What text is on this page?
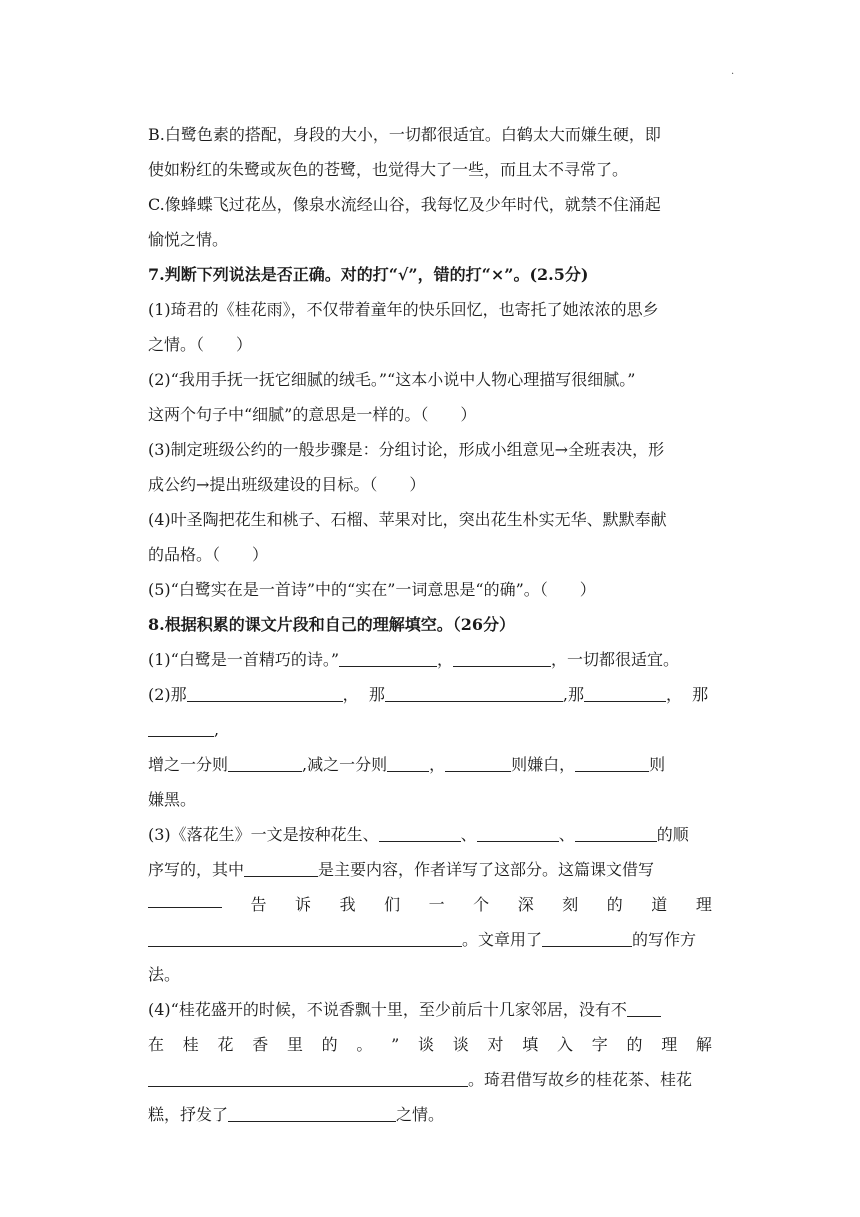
.
B.白鹭色素的搭配，身段的大小，一切都很适宜。白鹤太大而嫌生硬，即
使如粉红的朱鹭或灰色的苍鹭，也觉得大了一些，而且太不寻常了。
C.像蜂蝶飞过花丛，像泉水流经山谷，我每忆及少年时代，就禁不住涌起
愉悦之情。
7.判断下列说法是否正确。对的打“√”，错的打“×”。(2.5分)
(1)琦君的《桂花雨》，不仅带着童年的快乐回忆，也寄托了她浓浓的思乡
之情。（　　）
(2)“我用手抚一抚它细腻的绒毛。”“这本小说中人物心理描写很细腻。”
这两个句子中“细腻”的意思是一样的。（　　）
(3)制定班级公约的一般步骤是：分组讨论，形成小组意见→全班表决，形
成公约→提出班级建设的目标。（　　）
(4)叶圣陶把花生和桃子、石榴、苹果对比，突出花生朴实无华、默默奉献
的品格。（　　）
(5)“白鹭实在是一首诗”中的“实在”一词意思是“的确”。（　　）
8.根据积累的课文片段和自己的理解填空。（26分）
(1)“白鹭是一首精巧的诗。”	，	，一切都很适宜。
(2)那	，  那	,那	，  那
,
增之一分则	,减之一分则	，	则嫌白，	则
嫌黑。
(3)《落花生》一文是按种花生、	、	、	的顺
序写的，其中	是主要内容，作者详写了这部分。这篇课文借写
告 诉 我 们 一 个 深 刻 的 道 理
。文章用了	的写作方
法。
(4)“桂花盛开的时候，不说香飘十里，至少前后十几家邻居，没有不
在 桂 花 香 里 的 。 ” 谈 谈 对 填 入 字 的 理 解
。琦君借写故乡的桂花茶、桂花
糕，抒发了	之情。
